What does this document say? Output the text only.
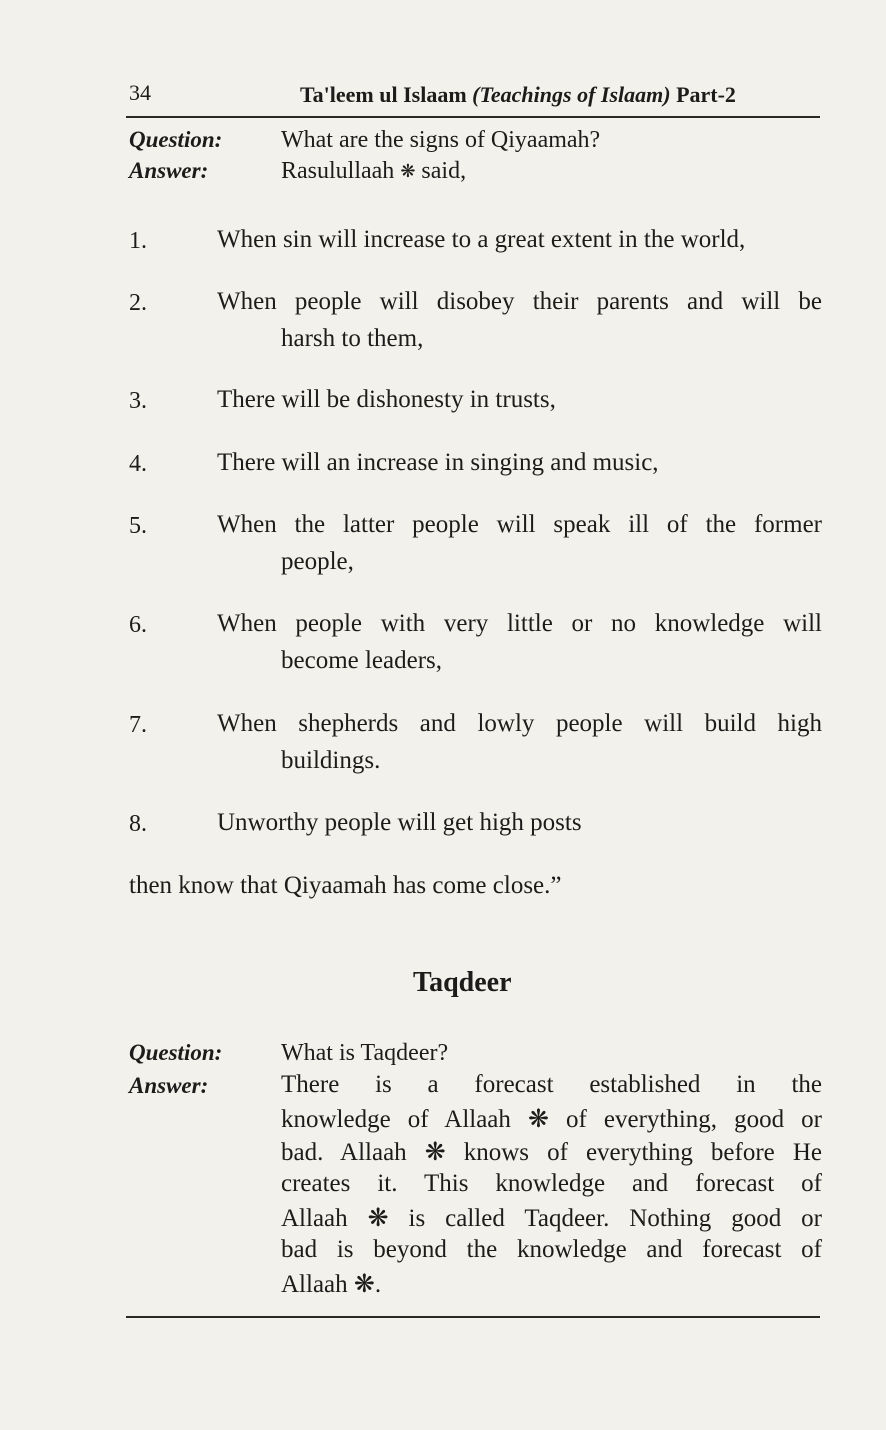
34	Ta'leem ul Islaam (Teachings of Islaam) Part-2
Question: What are the signs of Qiyaamah?
Answer:	Rasulullaah ❋ said,
1.	When sin will increase to a great extent in the world,
2.	When people will disobey their parents and will be
harsh to them,
3.	There will be dishonesty in trusts,
4.	There will an increase in singing and music,
5.	When the latter people will speak ill of the former
people,
6.	When people with very little or no knowledge will
become leaders,
7.	When shepherds and lowly people will build high
buildings.
8.	Unworthy people will get high posts
then know that Qiyaamah has come close.”
Taqdeer
Question: What is Taqdeer?
Answer:	There is a forecast established in the
knowledge of Allaah ❋ of everything, good or
bad. Allaah ❋ knows of everything before He
creates it. This knowledge and forecast of
Allaah ❋ is called Taqdeer. Nothing good or
bad is beyond the knowledge and forecast of
Allaah ❋.
